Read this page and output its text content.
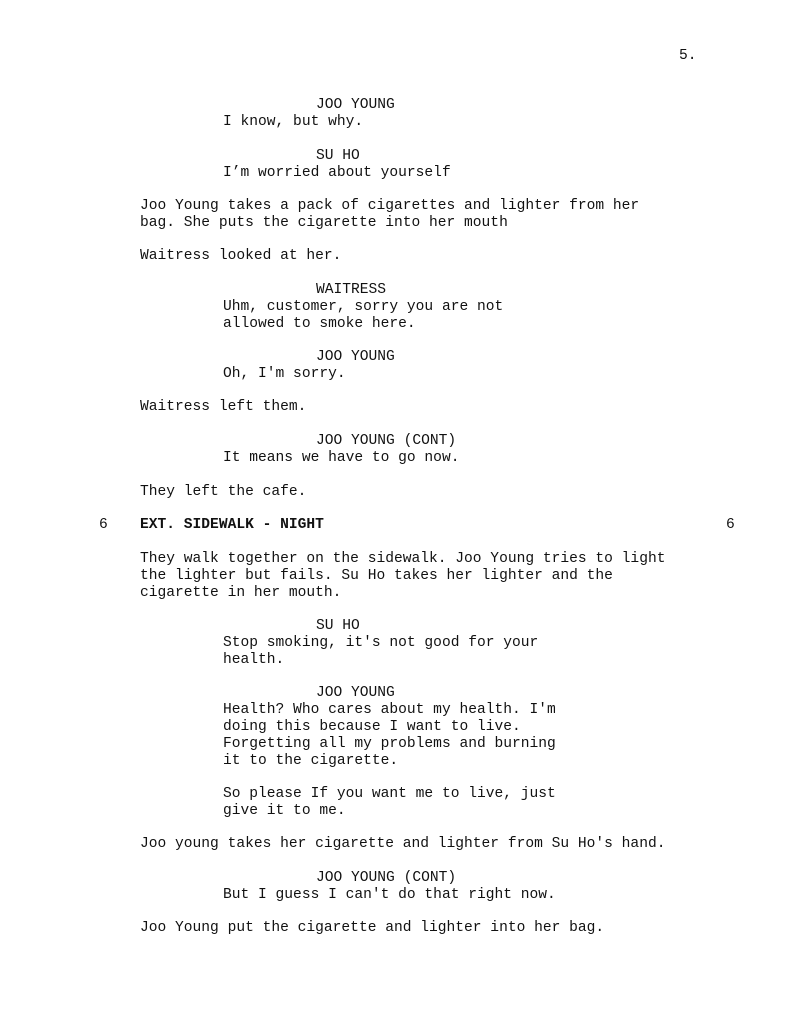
5.
JOO YOUNG
I know, but why.
SU HO
I’m worried about yourself
Joo Young takes a pack of cigarettes and lighter from her
bag. She puts the cigarette into her mouth
Waitress looked at her.
WAITRESS
Uhm, customer, sorry you are not
allowed to smoke here.
JOO YOUNG
Oh, I'm sorry.
Waitress left them.
JOO YOUNG (CONT)
It means we have to go now.
They left the cafe.
6 EXT. SIDEWALK - NIGHT	6
They walk together on the sidewalk. Joo Young tries to light
the lighter but fails. Su Ho takes her lighter and the
cigarette in her mouth.
SU HO
Stop smoking, it's not good for your
health.
JOO YOUNG
Health? Who cares about my health. I'm
doing this because I want to live.
Forgetting all my problems and burning
it to the cigarette.
So please If you want me to live, just
give it to me.
Joo young takes her cigarette and lighter from Su Ho's hand.
JOO YOUNG (CONT)
But I guess I can't do that right now.
Joo Young put the cigarette and lighter into her bag.
